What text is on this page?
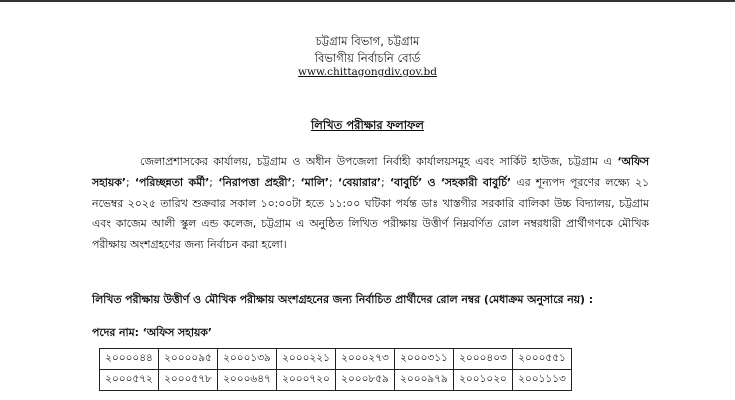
চট্টগ্রাম বিভাগ, চট্টগ্রাম
বিভাগীয় নির্বাচনি বোর্ড
www.chittagongdiv.gov.bd
লিখিত পরীক্ষার ফলাফল
জেলাপ্রশাসকের কার্যালয়, চট্টগ্রাম ও অধীন উপজেলা নির্বাহী কার্যালয়সমূহ এবং সার্কিট হাউজ, চট্টগ্রাম এ ‘অফিস সহায়ক’; ‘পরিচ্ছন্নতা কর্মী’; ‘নিরাপত্তা প্রহরী’; ‘মালি’; ‘বেয়ারার’; ‘বাবুর্চি’ ও ‘সহকারী বাবুর্চি’ এর শূন্যপদ পূরণের লক্ষ্যে ২১ নভেম্বর ২০২৫ তারিখ শুক্রবার সকাল ১০:০০টা হতে ১১:০০ ঘটিকা পর্যন্ত ডাঃ খাস্তগীর সরকারি বালিকা উচ্চ বিদ্যালয়, চট্টগ্রাম এবং কাজেম আলী স্কুল এন্ড কলেজ, চট্টগ্রাম এ অনুষ্ঠিত লিখিত পরীক্ষায় উত্তীর্ণ নিম্নবর্ণিত রোল নম্বরধারী প্রার্থীগণকে মৌখিক পরীক্ষায় অংশগ্রহণের জন্য নির্বাচন করা হলো।
লিখিত পরীক্ষায় উত্তীর্ণ ও মৌখিক পরীক্ষায় অংশগ্রহনের জন্য নির্বাচিত প্রার্থীদের রোল নম্বর (মেধাক্রম অনুসারে নয়) :
পদের নাম: ‘অফিস সহায়ক’
২০০০০৪৪	২০০০০৯৫	২০০০১৩৯	২০০০২২১	২০০০২৭৩	২০০০৩১১	২০০০৪০৩	২০০০৫৫১
২০০০৫৭২	২০০০৫৭৮	২০০০৬৪৭	২০০০৭২০	২০০০৮৫৯	২০০০৯৭৯	২০০১০২০	২০০১১১৩
